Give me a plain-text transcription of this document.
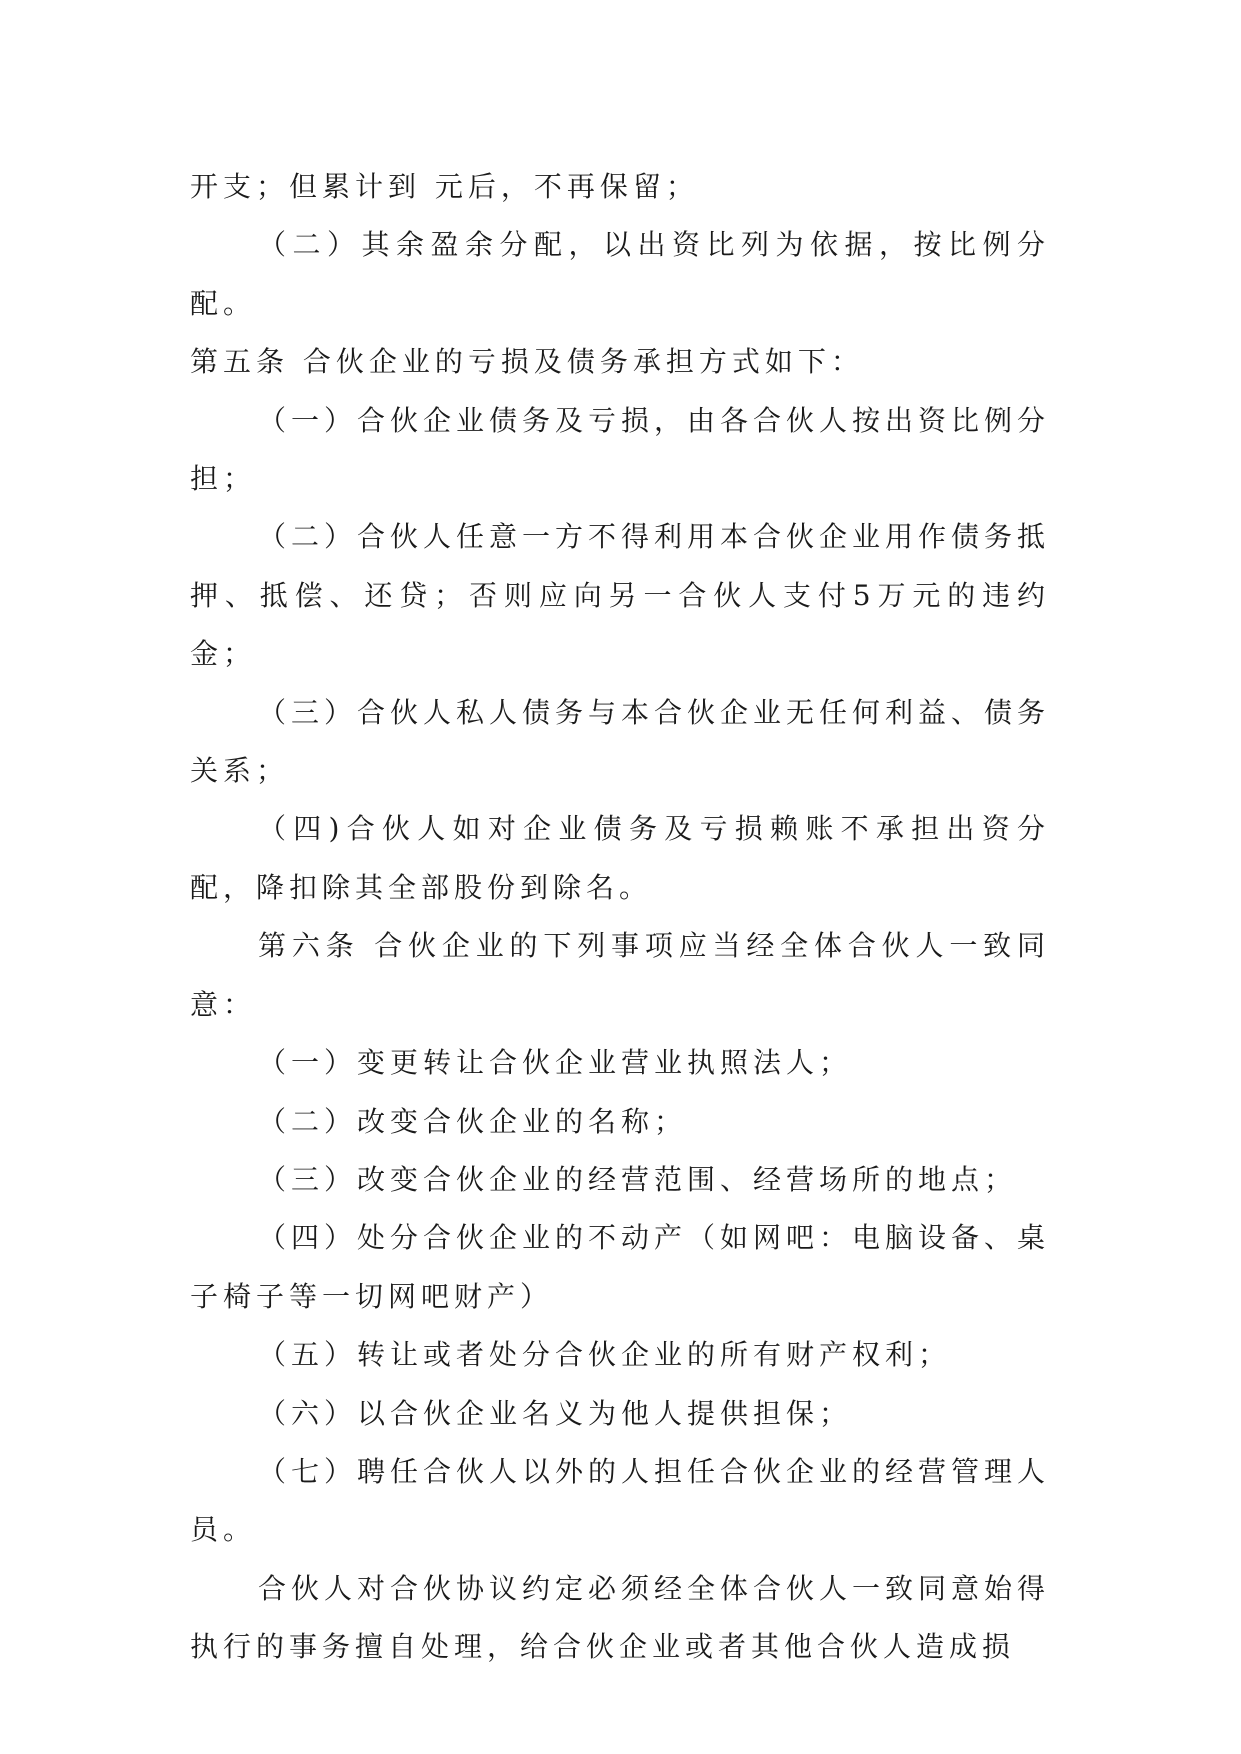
开支；但累计到 元后，不再保留；

（二）其余盈余分配，以出资比列为依据，按比例分配。

第五条 合伙企业的亏损及债务承担方式如下：

（一）合伙企业债务及亏损，由各合伙人按出资比例分担；

（二）合伙人任意一方不得利用本合伙企业用作债务抵押、抵偿、还贷；否则应向另一合伙人支付5万元的违约金；

（三）合伙人私人债务与本合伙企业无任何利益、债务关系；

（四)合伙人如对企业债务及亏损赖账不承担出资分配，降扣除其全部股份到除名。

第六条 合伙企业的下列事项应当经全体合伙人一致同意：

（一）变更转让合伙企业营业执照法人；

（二）改变合伙企业的名称；

（三）改变合伙企业的经营范围、经营场所的地点；

（四）处分合伙企业的不动产（如网吧：电脑设备、桌子椅子等一切网吧财产）

（五）转让或者处分合伙企业的所有财产权利；

（六）以合伙企业名义为他人提供担保；

（七）聘任合伙人以外的人担任合伙企业的经营管理人员。

合伙人对合伙协议约定必须经全体合伙人一致同意始得执行的事务擅自处理，给合伙企业或者其他合伙人造成损
